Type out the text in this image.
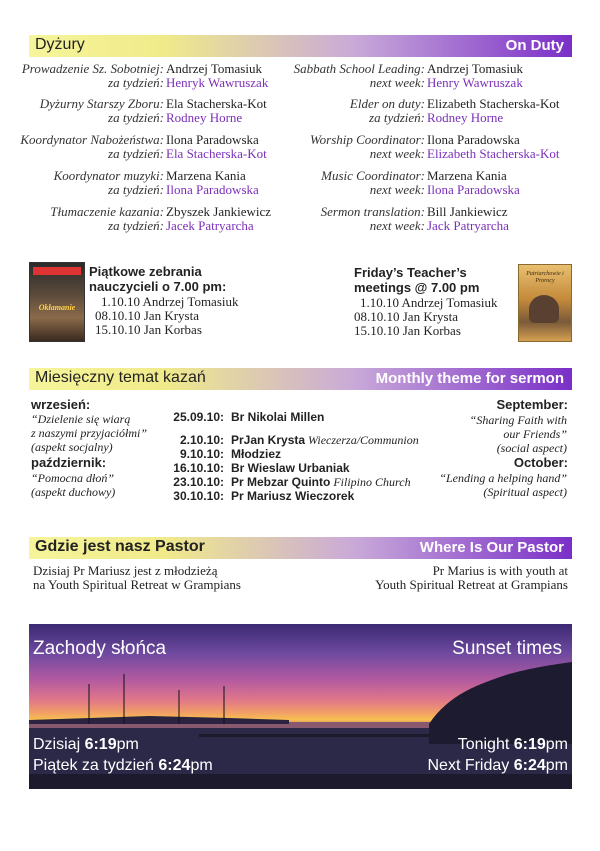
Dyżury	On Duty
Prowadzenie Sz. Sobotniej: Andrzej Tomasiuk
za tydzień: Henryk Wawruszak
Dyżurny Starszy Zboru: Ela Stacherska-Kot
za tydzień: Rodney Horne
Koordynator Nabożeństwa: Ilona Paradowska
za tydzień: Ela Stacherska-Kot
Koordynator muzyki: Marzena Kania
za tydzień: Ilona Paradowska
Tłumaczenie kazania: Zbyszek Jankiewicz
za tydzień: Jacek Patryarcha
Sabbath School Leading: Andrzej Tomasiuk
next week: Henry Wawruszak
Elder on duty: Elizabeth Stacherska-Kot
za tydzień: Rodney Horne
Worship Coordinator: Ilona Paradowska
next week: Elizabeth Stacherska-Kot
Music Coordinator: Marzena Kania
next week: Ilona Paradowska
Sermon translation: Bill Jankiewicz
next week: Jack Patryarcha
Okłamanie
Piątkowe zebrania
nauczycieli o 7.00 pm:
1.10.10 Andrzej Tomasiuk
08.10.10 Jan Krysta
15.10.10 Jan Korbas
Friday’s Teacher’s
meetings @ 7.00 pm
1.10.10 Andrzej Tomasiuk
08.10.10 Jan Krysta
15.10.10 Jan Korbas
Patriarchowie i Prorocy
Miesięczny temat kazań	Monthly theme for sermon
wrzesień:
“Dzielenie się wiarą
z naszymi przyjaciółmi”
(aspekt socjalny)
październik:
“Pomocna dłoń”
(aspekt duchowy)
25.09.10: Br Nikolai Millen
2.10.10: PrJan Krysta Wieczerza/Communion
9.10.10: Młodziez
16.10.10: Br Wieslaw Urbaniak
23.10.10: Pr Mebzar Quinto Filipino Church
30.10.10: Pr Mariusz Wieczorek
September:
“Sharing Faith with
our Friends”
(social aspect)
October:
“Lending a helping hand”
(Spiritual aspect)
Gdzie jest nasz Pastor	Where Is Our Pastor
Dzisiaj Pr Mariusz jest z młodzieżą
na Youth Spiritual Retreat w Grampians
Pr Marius is with youth at
Youth Spiritual Retreat at Grampians
Zachody słońca	Sunset times
Dzisiaj 6:19pm
Piątek za tydzień 6:24pm
Tonight 6:19pm
Next Friday 6:24pm
